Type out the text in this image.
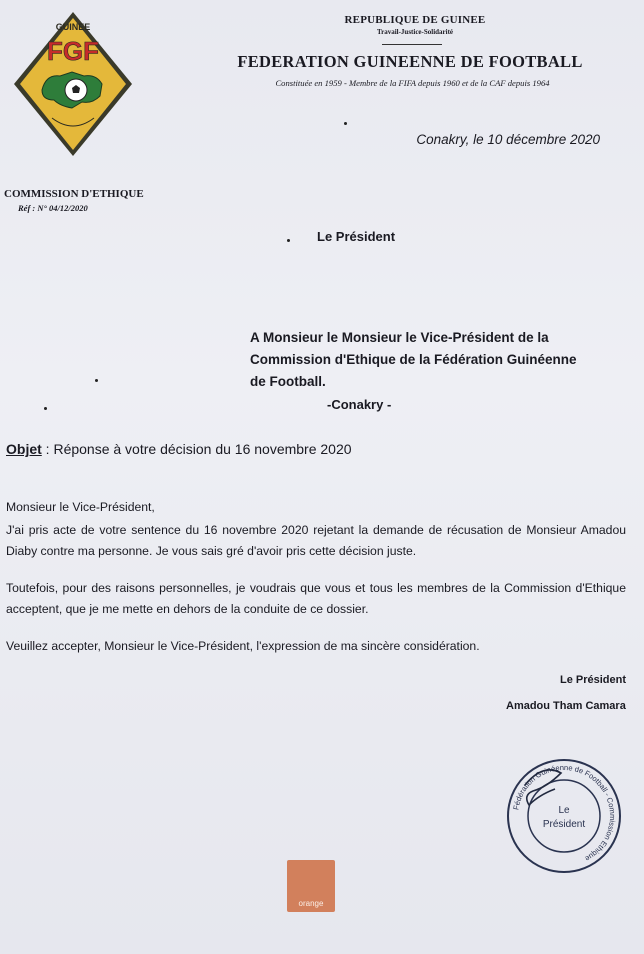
GUINEE
FGF
REPUBLIQUE DE GUINEE
Travail-Justice-Solidarité
FEDERATION GUINEENNE DE FOOTBALL
Constituée en 1959 - Membre de la FIFA depuis 1960 et de la CAF depuis 1964
Conakry, le 10 décembre 2020
COMMISSION D'ETHIQUE
Réf : N° 04/12/2020
Le Président
A Monsieur le Monsieur le Vice-Président de la
Commission d'Ethique de la Fédération Guinéenne
de Football.
-Conakry -
Objet : Réponse à votre décision du 16 novembre 2020
Monsieur le Vice-Président,
J'ai pris acte de votre sentence du 16 novembre 2020 rejetant la demande de récusation de Monsieur Amadou Diaby contre ma personne. Je vous sais gré d'avoir pris cette décision juste.
Toutefois, pour des raisons personnelles, je voudrais que vous et tous les membres de la Commission d'Ethique acceptent, que je me mette en dehors de la conduite de ce dossier.
Veuillez accepter, Monsieur le Vice-Président, l'expression de ma sincère considération.
Le Président
Amadou Tham Camara
Fédération Guinéenne de Football - Commission Ethique
Le
Président
orange
